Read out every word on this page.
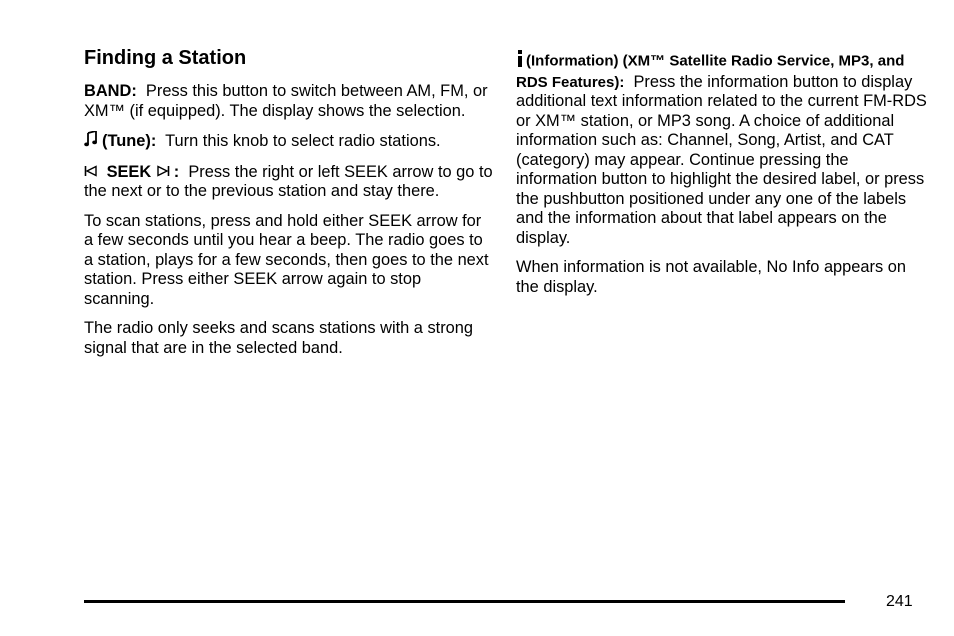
Finding a Station

BAND: Press this button to switch between AM, FM, or XM™ (if equipped). The display shows the selection.

(Tune): Turn this knob to select radio stations.

SEEK : Press the right or left SEEK arrow to go to the next or to the previous station and stay there.

To scan stations, press and hold either SEEK arrow for a few seconds until you hear a beep. The radio goes to a station, plays for a few seconds, then goes to the next station. Press either SEEK arrow again to stop scanning.

The radio only seeks and scans stations with a strong signal that are in the selected band.

(Information) (XM™ Satellite Radio Service, MP3, and RDS Features): Press the information button to display additional text information related to the current FM-RDS or XM™ station, or MP3 song. A choice of additional information such as: Channel, Song, Artist, and CAT (category) may appear. Continue pressing the information button to highlight the desired label, or press the pushbutton positioned under any one of the labels and the information about that label appears on the display.

When information is not available, No Info appears on the display.

241
